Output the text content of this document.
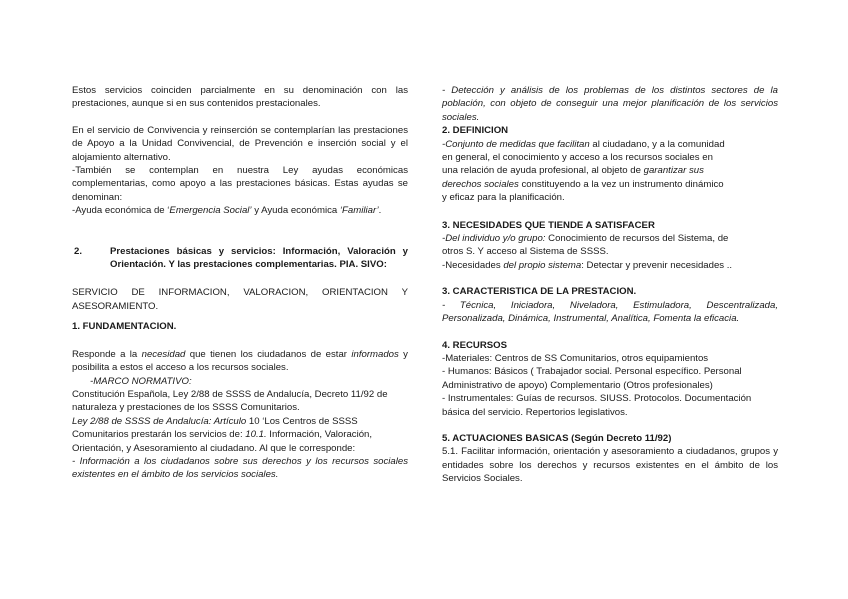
Estos servicios coinciden parcialmente en su denominación con las prestaciones, aunque si en sus contenidos prestacionales.

En el servicio de Convivencia y reinserción se contemplarían las prestaciones de Apoyo a la Unidad Convivencial, de Prevención e inserción social y el alojamiento alternativo.

-También se contemplan en nuestra Ley ayudas económicas complementarias, como apoyo a las prestaciones básicas. Estas ayudas se denominan:

-Ayuda económica de ‘Emergencia Social’ y Ayuda económica ‘Familiar’.

2.	Prestaciones básicas y servicios: Información, Valoración y Orientación. Y las prestaciones complementarias. PIA. SIVO:

SERVICIO DE INFORMACION, VALORACION, ORIENTACION Y ASESORAMIENTO.

1. FUNDAMENTACION.

Responde a la necesidad que tienen los ciudadanos de estar informados y posibilita a estos el acceso a los recursos sociales.

-MARCO NORMATIVO:

Constitución Española, Ley 2/88 de SSSS de Andalucía, Decreto 11/92 de naturaleza y prestaciones de los SSSS Comunitarios.

Ley 2/88 de SSSS de Andalucía: Artículo 10 ‘Los Centros de SSSS
Comunitarios prestarán los servicios de: 10.1. Información, Valoración,
Orientación, y Asesoramiento al ciudadano. Al que le corresponde:

- Información a los ciudadanos sobre sus derechos y los recursos sociales existentes en el ámbito de los servicios sociales.

- Detección y análisis de los problemas de los distintos sectores de la población, con objeto de conseguir una mejor planificación de los servicios sociales.

2. DEFINICION

-Conjunto de medidas que facilitan al ciudadano, y a la comunidad
en general, el conocimiento y acceso a los recursos sociales en
una relación de ayuda profesional, al objeto de garantizar sus
derechos sociales constituyendo a la vez un instrumento dinámico
y eficaz para la planificación.

3. NECESIDADES QUE TIENDE A SATISFACER

-Del individuo y/o grupo: Conocimiento de recursos del Sistema, de
otros S. Y acceso al Sistema de SSSS.

-Necesidades del propio sistema: Detectar y prevenir necesidades ..

3. CARACTERISTICA DE LA PRESTACION.

- Técnica, Iniciadora, Niveladora, Estimuladora, Descentralizada, Personalizada, Dinámica, Instrumental, Analítica, Fomenta la eficacia.

4. RECURSOS

-Materiales: Centros de SS Comunitarios, otros equipamientos

- Humanos: Básicos ( Trabajador social. Personal específico. Personal Administrativo de apoyo) Complementario (Otros profesionales)

- Instrumentales: Guías de recursos. SIUSS. Protocolos. Documentación básica del servicio. Repertorios legislativos.

5. ACTUACIONES BASICAS (Según Decreto 11/92)

5.1. Facilitar información, orientación y asesoramiento a ciudadanos, grupos y entidades sobre los derechos y recursos existentes en el ámbito de los Servicios Sociales.
